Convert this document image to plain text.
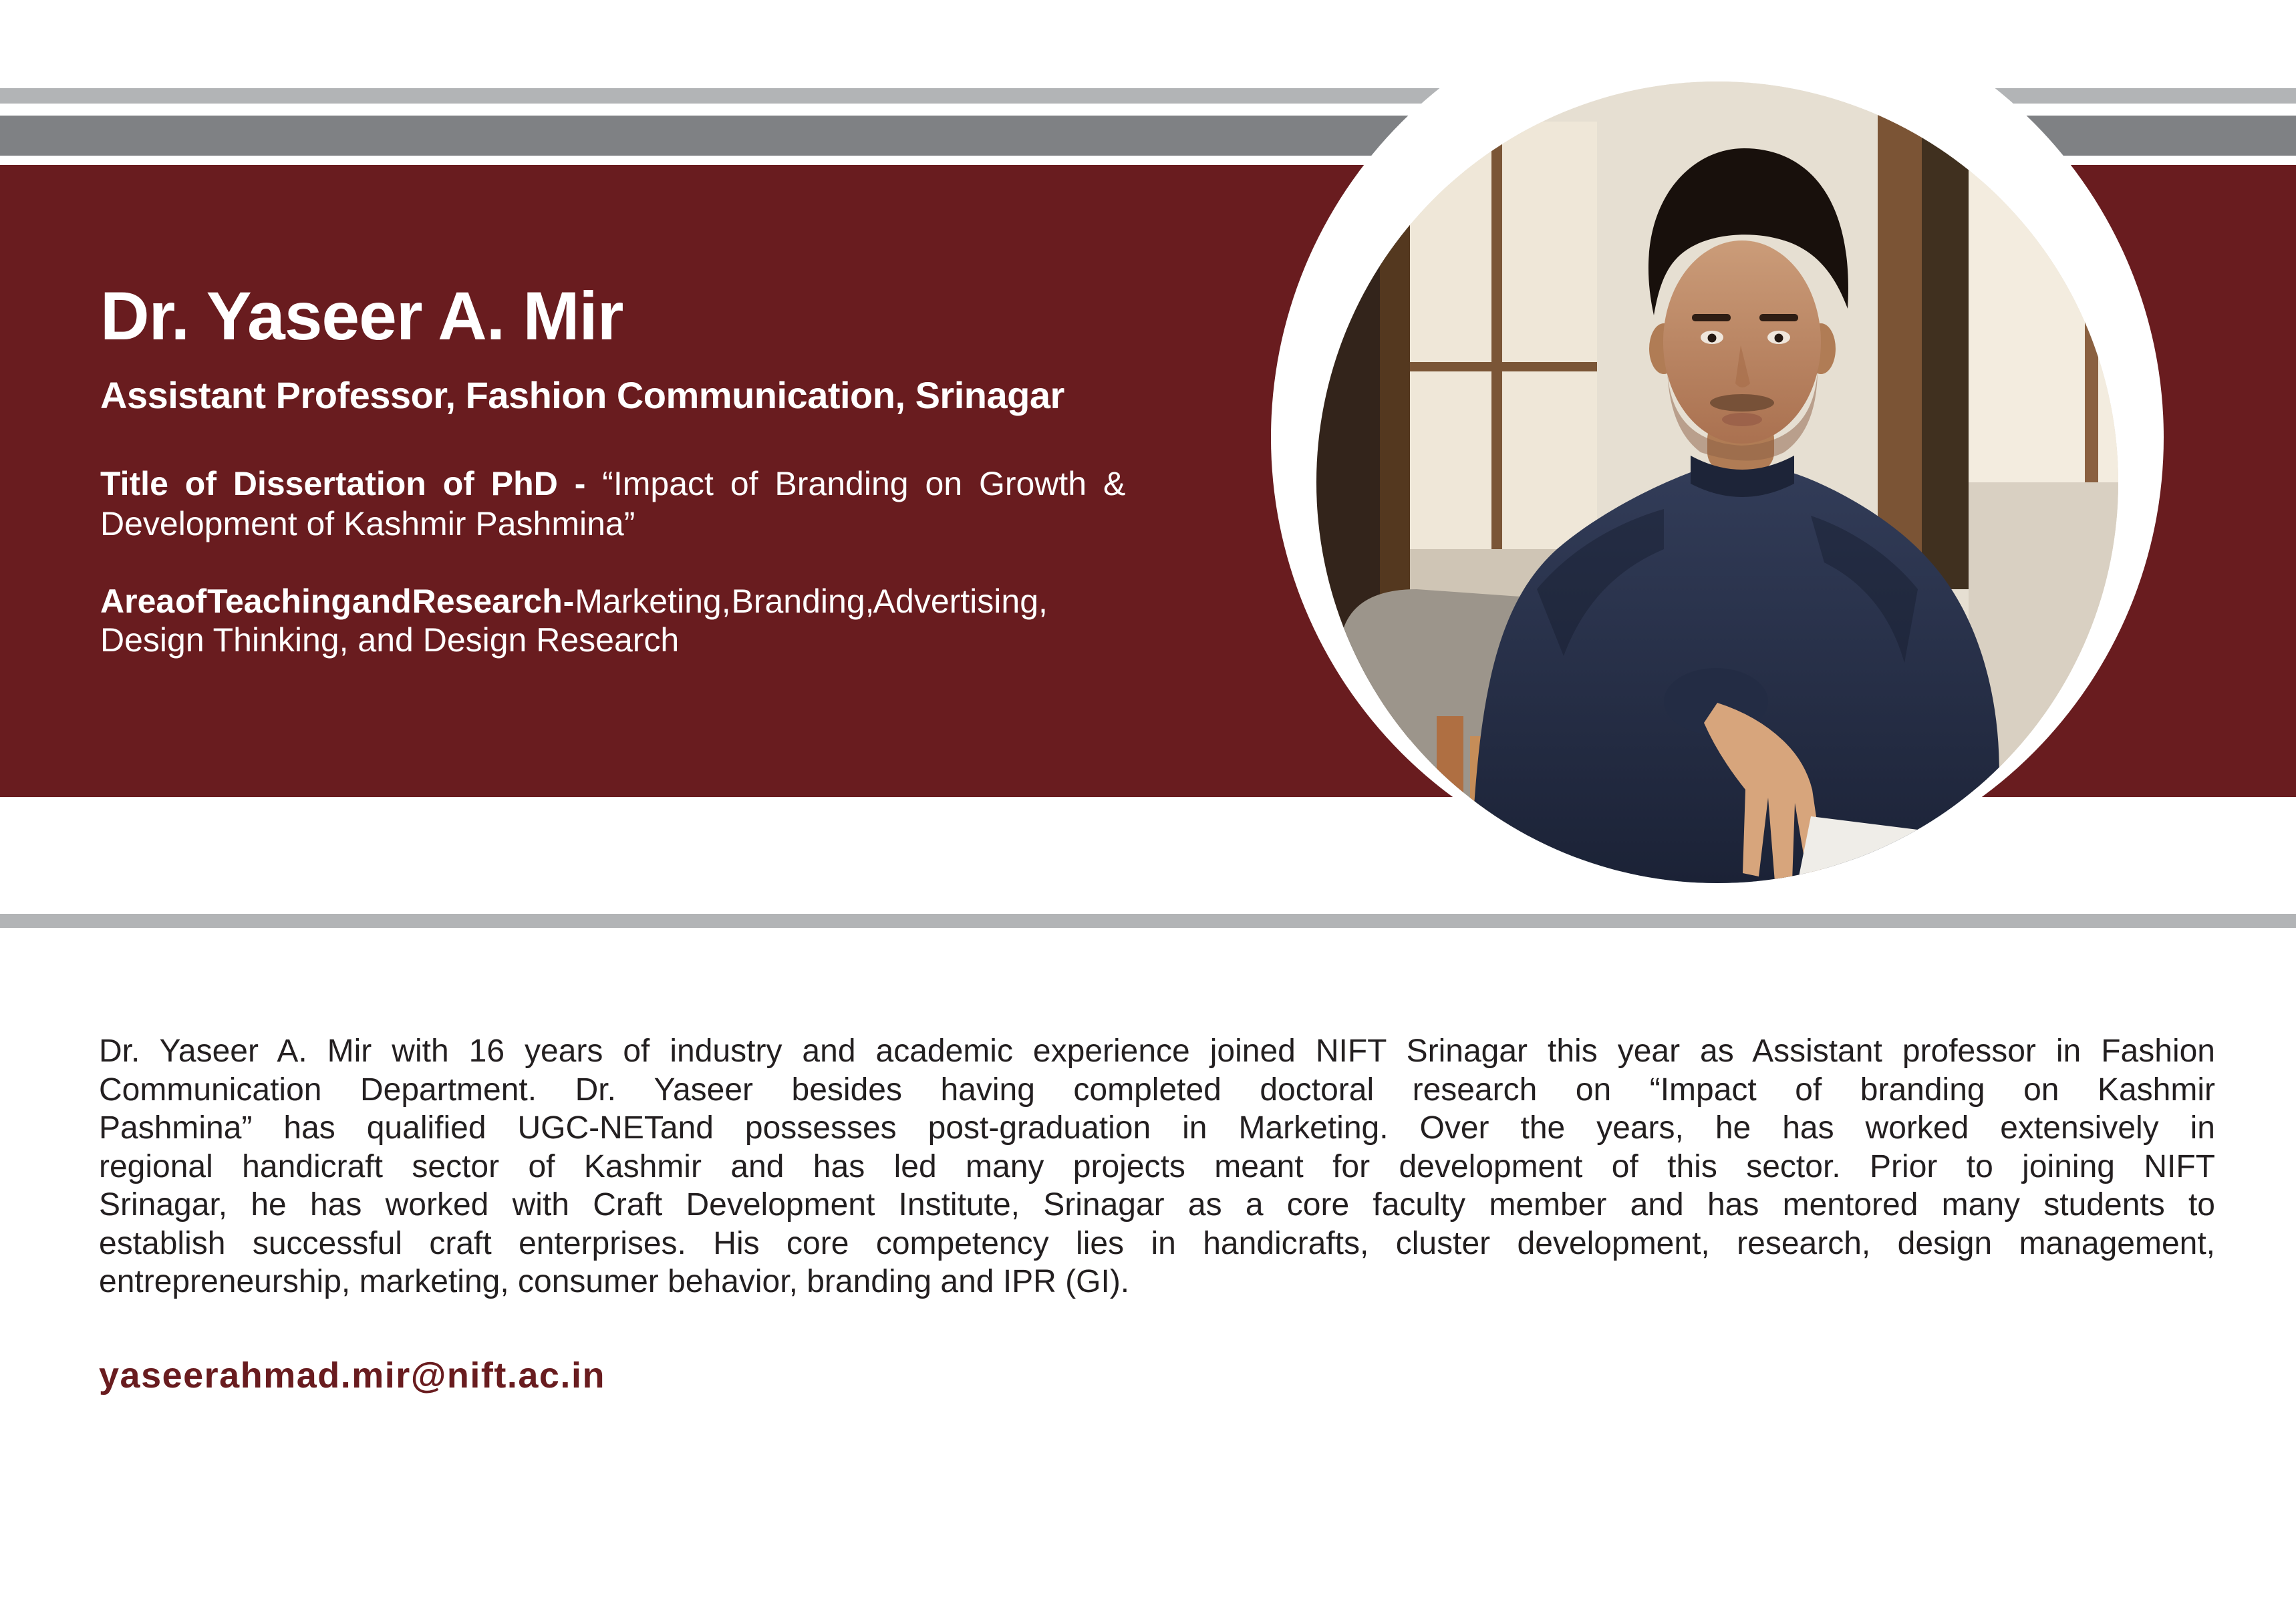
Dr. Yaseer A. Mir
Assistant Professor, Fashion Communication, Srinagar
Title of Dissertation of PhD - “Impact of Branding on Growth &
Development of Kashmir Pashmina”
Area of Teaching and Research - Marketing, Branding, Advertising,
Design Thinking, and Design Research
Dr. Yaseer A. Mir with 16 years of industry and academic experience joined NIFT Srinagar this year as Assistant professor in Fashion
Communication Department. Dr. Yaseer besides having completed doctoral research on “Impact of branding on Kashmir
Pashmina” has qualified UGC-NETand possesses post-graduation in Marketing. Over the years, he has worked extensively in
regional handicraft sector of Kashmir and has led many projects meant for development of this sector. Prior to joining NIFT
Srinagar, he has worked with Craft Development Institute, Srinagar as a core faculty member and has mentored many students to
establish successful craft enterprises. His core competency lies in handicrafts, cluster development, research, design management,
entrepreneurship, marketing, consumer behavior, branding and IPR (GI).
yaseerahmad.mir@nift.ac.in
